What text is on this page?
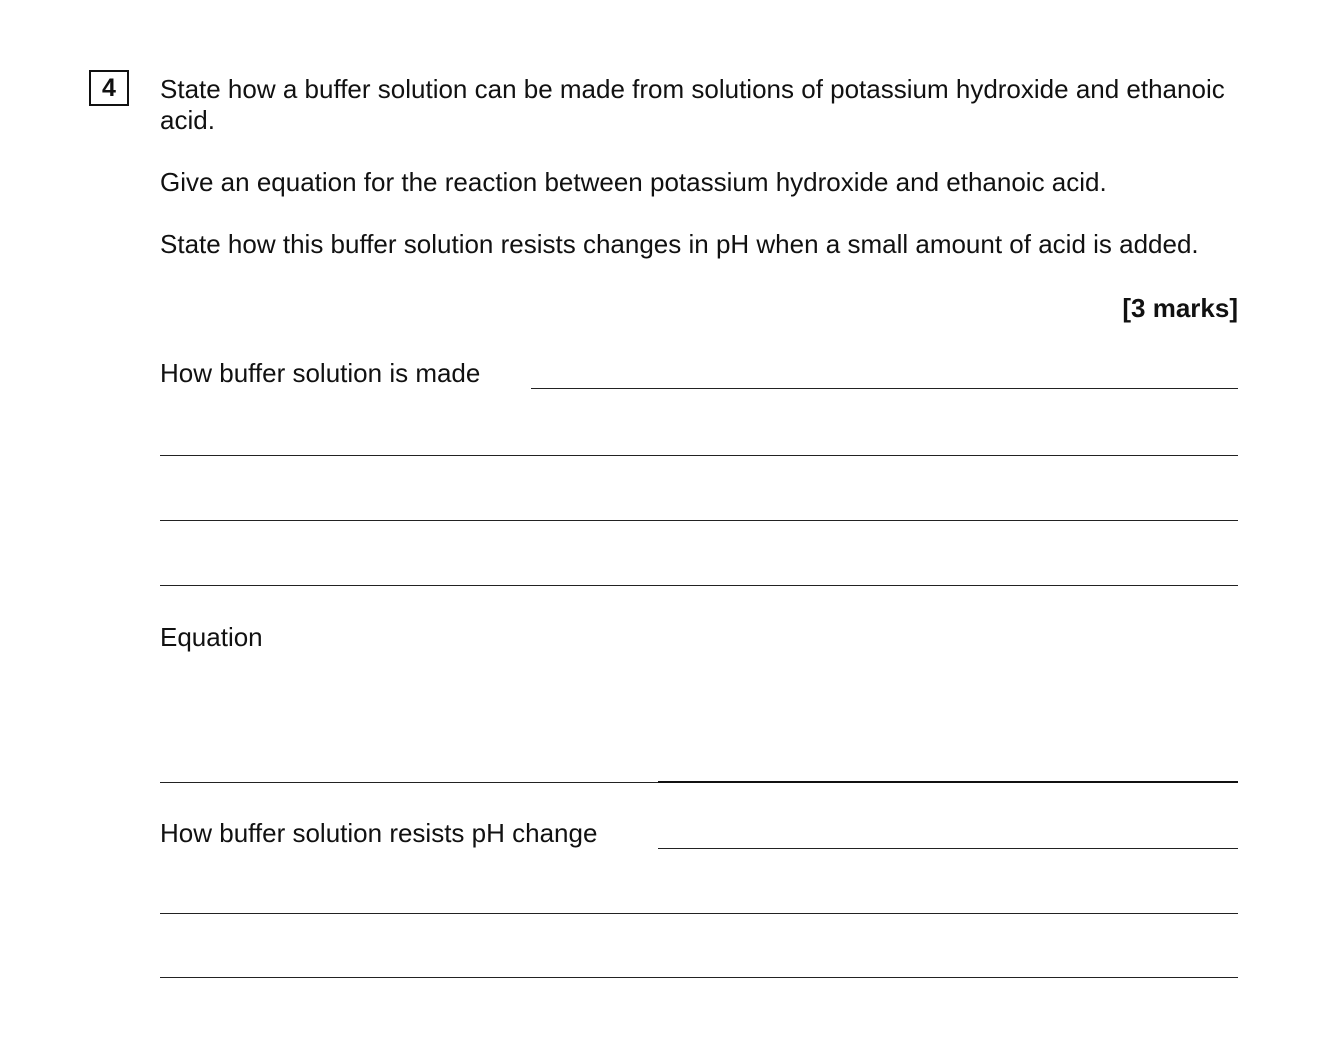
4	State how a buffer solution can be made from solutions of potassium hydroxide and ethanoic acid.

Give an equation for the reaction between potassium hydroxide and ethanoic acid.

State how this buffer solution resists changes in pH when a small amount of acid is added.

[3 marks]
How buffer solution is made
Equation
How buffer solution resists pH change
